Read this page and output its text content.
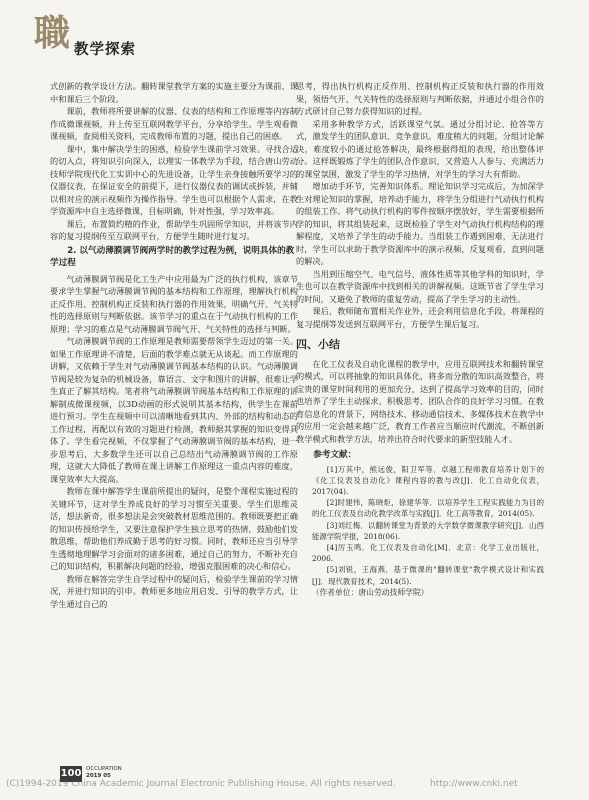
職 教学探索

式创新的教学设计方法。翻转课堂教学方案的实施主要分为课前、课中和课后三个阶段。

课前，教师将所要讲解的仪器、仪表的结构和工作原理等内容制作成微课视频，并上传至互联网教学平台，分享给学生。学生观看微课视频，查阅相关资料，完成教师布置的习题，提出自己的困惑。

课中，集中解决学生的困惑，检验学生课前学习效果。寻找合适的切入点，将知识引向深入，以理实一体教学为手段，结合唐山劳动技师学院现代化工实训中心的先进设备，让学生亲身接触所要学习的仪器仪表，在保证安全的前提下，进行仪器仪表的调试或拆装，并辅以相对应的演示视频作为操作指导。学生也可以根据个人需求，在教学资源库中自主选择微课，目标明确，针对性强，学习效率高。

课后，布置简约精的作业，帮助学生巩固所学知识，并将该节内容的复习提纲传至互联网平台，方便学生随时进行复习。

2. 以气动薄膜调节阀两学时的教学过程为例，说明具体的教学过程

气动薄膜调节阀是化工生产中应用最为广泛的执行机构，该章节要求学生掌握气动薄膜调节阀的基本结构和工作原理，理解执行机构正反作用、控制机构正反装和执行器的作用效果，明确气开、气关特性的选择原则与判断依据。该节学习的重点在于气动执行机构的工作原理；学习的难点是气动薄膜调节阀气开、气关特性的选择与判断。

气动薄膜调节阀的工作原理是教师需要帮领学生迈过的第一关。如果工作原理讲不清楚，后面的教学难点就无从谈起。而工作原理的讲解，又依赖于学生对气动薄膜调节阀基本结构的认识。气动薄膜调节阀是较为复杂的机械设备，靠语言、文字和图片的讲解，很难让学生真正了解其结构。笔者将气动薄膜调节阀基本结构和工作原理的讲解制成微课视频，以3D动画的形式说明其基本结构，供学生在课前进行预习。学生在视频中可以清晰地看到其内、外部的结构和动态的工作过程，再配以有效的习题进行检测，教师据其掌握的知识变得具体了。学生看完视频，不仅掌握了气动薄膜调节阀的基本结构，进一步思考后，大多数学生还可以自己总结出气动薄膜调节阀的工作原理，这就大大降低了教师在课上讲解工作原理这一重点内容的难度，课堂效率大大提高。

教师在课中解答学生课前所提出的疑问，是整个课程实施过程的关键环节，这对学生养成良好的学习习惯至关重要。学生们思维灵活，想法新奇，很多想法是会突破教材思维范围的。教师既要把正确的知识传授给学生，又要注意保护学生独立思考的热情，鼓励他们发散思维，帮助他们养成勤于思考的好习惯。同时，教师还应当引导学生透彻地理解学习会面对的诸多困难，通过自己的努力，不断补充自己的知识结构，积累解决问题的经验，增强克服困难的决心和信心。

教师在解答完学生自学过程中的疑问后，检验学生课前的学习情况，并进行知识的引申。教师更多地应用启发、引导的教学方式，让学生通过自己的

思考，得出执行机构正反作用、控制机构正反装和执行器的作用效果，领悟气开、气关特性的选择原则与判断依据，并通过小组合作的方式研讨自己努力获得知识的过程。

采用多种教学方式，活跃课堂气氛。通过分组讨论、抢答等方式，激发学生的团队意识、竞争意识。难度稍大的问题，分组讨论解决，难度较小的通过抢答解决，最终根据得组的表现，给出整体评分。这样既锻炼了学生的团队合作意识，又营造人人参与、充满活力的课堂氛围，激发了学生的学习热情，对学生的学习大有帮助。

增加动手环节，完善知识体系。理论知识学习完成后，为加深学生对理论知识的掌握，培养动手能力，将学生分组进行气动执行机构的组装工作。将气动执行机构的零件按顺序摆放好，学生需要根据所学的知识，将其组装起来，这既检验了学生对气动执行机构结构的理解程度，又培养了学生的动手能力。当组装工作遇到困难，无法进行时，学生可以求助于教学资源库中的演示视频，反复观看，直到问题的解决。

当用到压缩空气、电气信号、液体性质等其他学科的知识时，学生也可以在教学资源库中找到相关的讲解视频。这既节省了学生学习的时间，又避免了教师的重复劳动，提高了学生学习的主动性。

课后，教师随布置相关作业外，还会利用信息化手段，将课程的复习提纲等发送到互联网平台，方便学生课后复习。

四、小结

在化工仪表及自动化课程的教学中，应用互联网技术和翻转课堂的模式，可以将抽象的知识具体化，将多而分散的知识高效整合，将宝贵的课堂时间利用的更加充分，达到了提高学习效率的目的，同时也培养了学生主动探求，积极思考、团队合作的良好学习习惯。在教育信息化的背景下，网络技术、移动通信技术、多媒体技术在教学中的应用一定会越来越广泛，教育工作者应当顺应时代潮流，不断创新教学模式和教学方法，培养出符合时代要求的新型技能人才。

参考文献：

[1]万其中，熊远俊，阳卫军等．卓越工程师教育培养计划下的《化工仪表及自动化》课程内容的教与改[J]．化工自动化仪表，2017(04).

[2]时建伟，陈晓炬，徐建华等．以培养学生工程实践能力为目的的化工仪表及自动化教学改革与实践[J]．化工高等教育，2014(05).

[3]刘红梅．以翻转课堂为背景的大学数学微课教学研究[J]．山西能源学院学报，2018(06).

[4]厉玉鸣．化工仪表及自动化[M]．北京：化学工业出版社，2006.

[5]刘锐，王海燕．基于微课的"翻转课堂"教学模式设计和实践[J]．现代教育技术，2014(5).

（作者单位：唐山劳动技师学院）

100 OCCUPATION
2019 05
(C)1994-2019 China Academic Journal Electronic Publishing House. All rights reserved.	http://www.cnki.net
